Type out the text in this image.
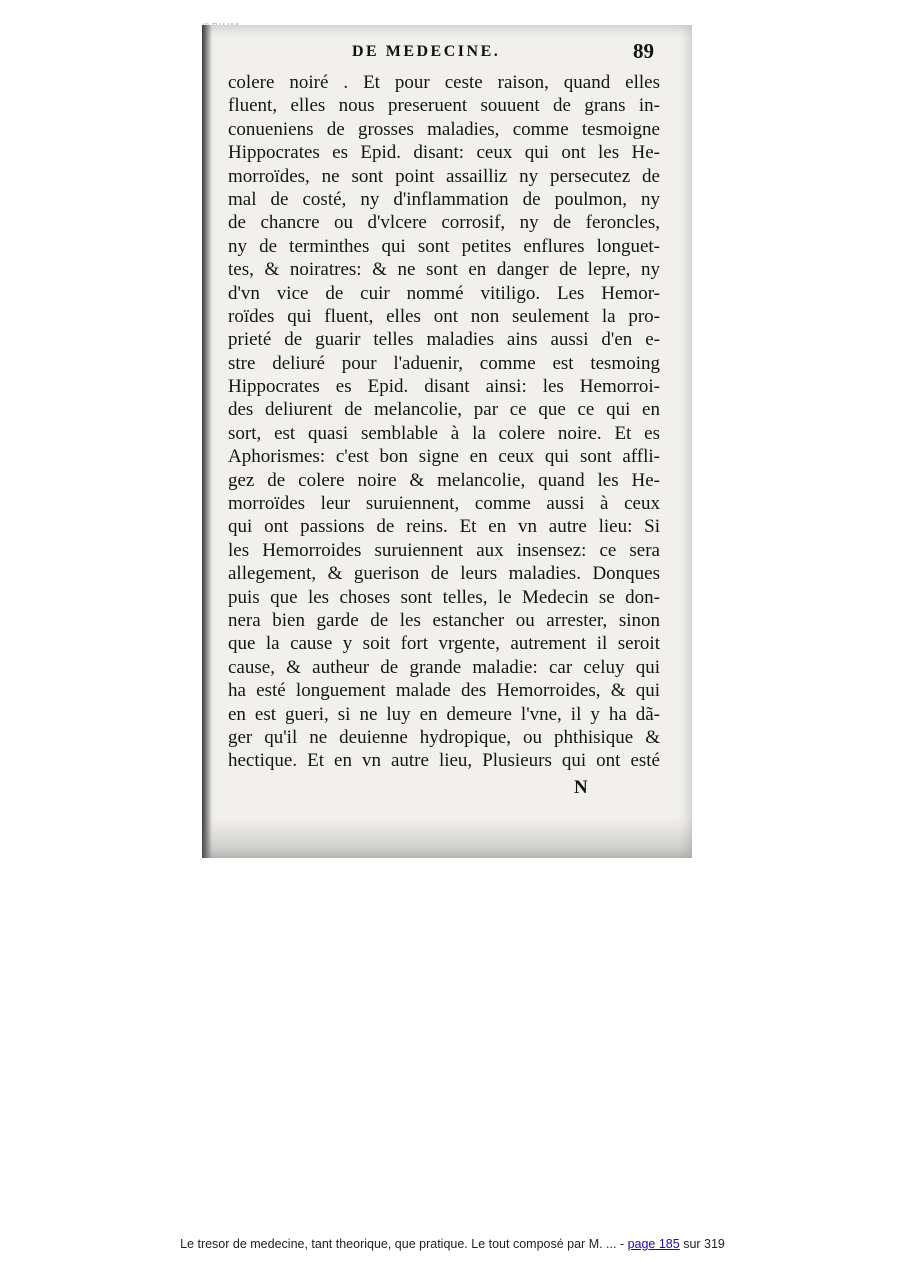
DE MEDECINE.	89
colere noiré . Et pour ceste raison, quand elles
fluent, elles nous preseruent souuent de grans in-
conueniens de grosses maladies, comme tesmoigne
Hippocrates es Epid. disant: ceux qui ont les He-
morroïdes, ne sont point assailliz ny persecutez de
mal de costé, ny d'inflammation de poulmon, ny
de chancre ou d'vlcere corrosif, ny de feroncles,
ny de terminthes qui sont petites enflures longuet-
tes, & noiratres: & ne sont en danger de lepre, ny
d'vn vice de cuir nommé vitiligo. Les Hemor-
roïdes qui fluent, elles ont non seulement la pro-
prieté de guarir telles maladies ains aussi d'en e-
stre deliuré pour l'aduenir, comme est tesmoing
Hippocrates es Epid. disant ainsi: les Hemorroi-
des deliurent de melancolie, par ce que ce qui en
sort, est quasi semblable à la colere noire. Et es
Aphorismes: c'est bon signe en ceux qui sont affli-
gez de colere noire & melancolie, quand les He-
morroïdes leur suruiennent, comme aussi à ceux
qui ont passions de reins. Et en vn autre lieu: Si
les Hemorroides suruiennent aux insensez: ce sera
allegement, & guerison de leurs maladies. Donques
puis que les choses sont telles, le Medecin se don-
nera bien garde de les estancher ou arrester, sinon
que la cause y soit fort vrgente, autrement il seroit
cause, & autheur de grande maladie: car celuy qui
ha esté longuement malade des Hemorroides, & qui
en est gueri, si ne luy en demeure l'vne, il y ha dã-
ger qu'il ne deuienne hydropique, ou phthisique &
hectique. Et en vn autre lieu, Plusieurs qui ont esté
N
Le tresor de medecine, tant theorique, que pratique. Le tout composé par M. ... - page 185 sur 319
